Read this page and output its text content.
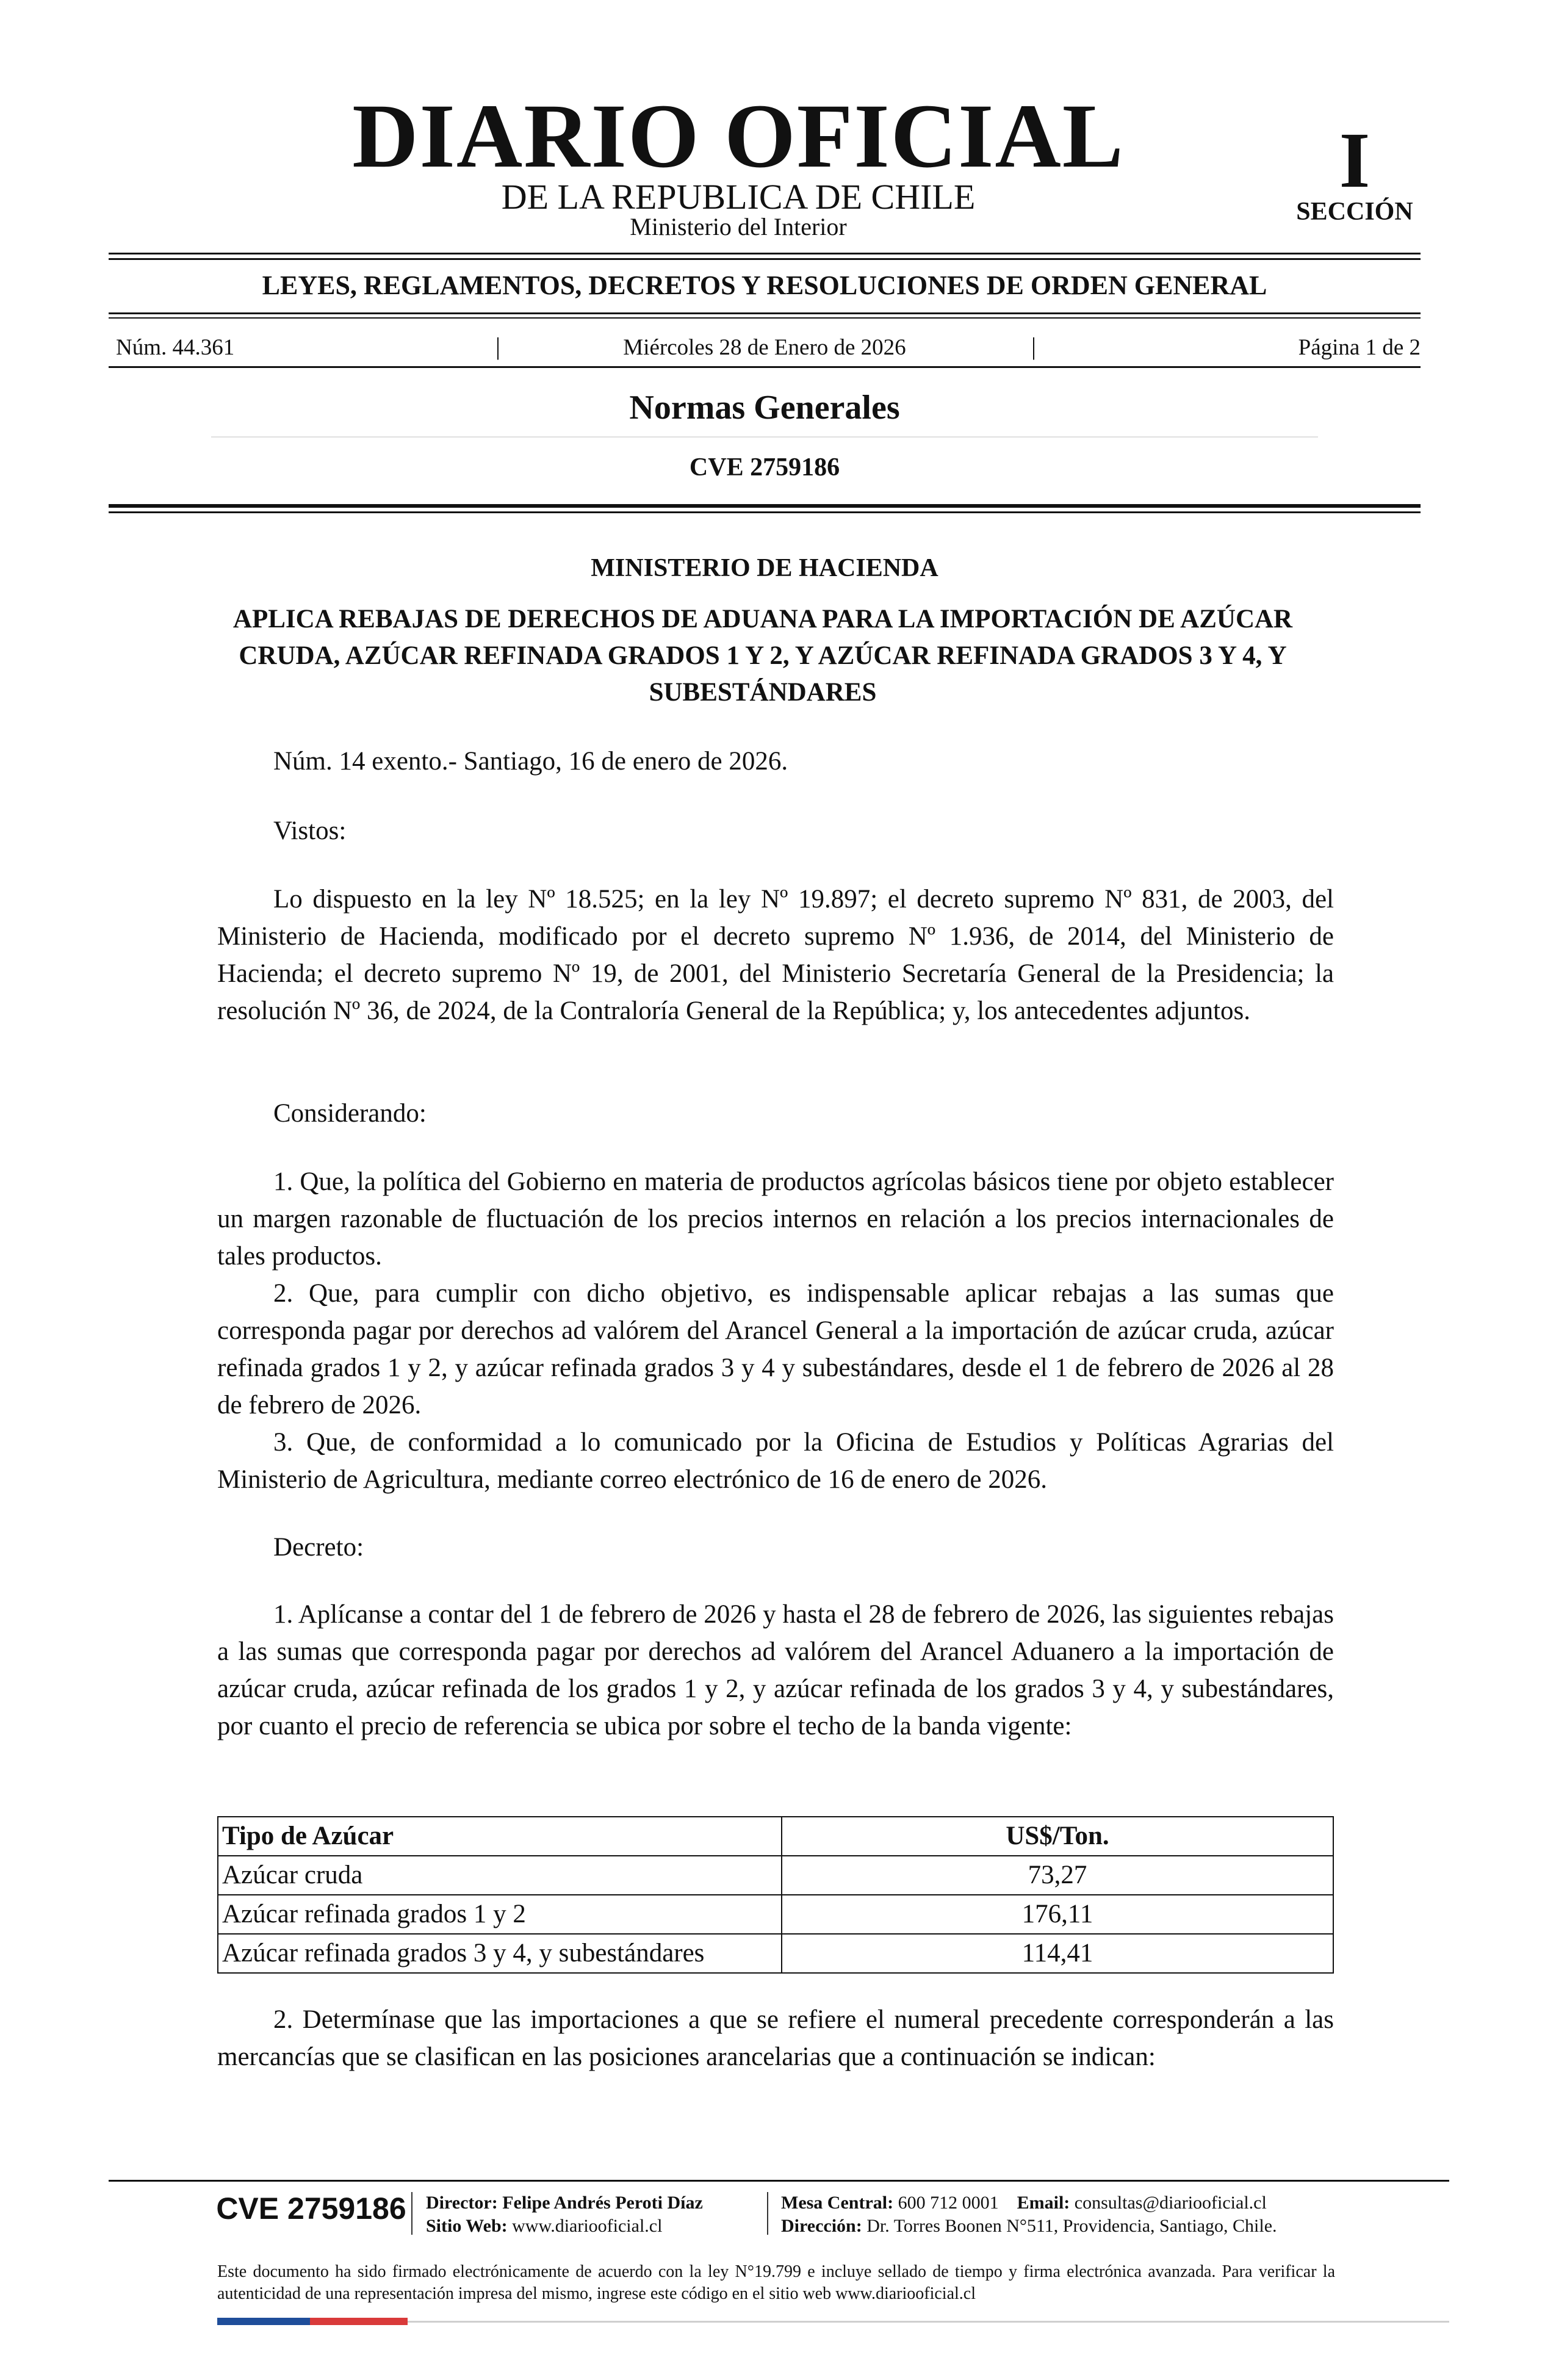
DIARIO OFICIAL
DE LA REPUBLICA DE CHILE
Ministerio del Interior
I
SECCIÓN
LEYES, REGLAMENTOS, DECRETOS Y RESOLUCIONES DE ORDEN GENERAL
Núm. 44.361	|	Miércoles 28 de Enero de 2026	|	Página 1 de 2
Normas Generales
CVE 2759186
MINISTERIO DE HACIENDA
APLICA REBAJAS DE DERECHOS DE ADUANA PARA LA IMPORTACIÓN DE AZÚCAR CRUDA, AZÚCAR REFINADA GRADOS 1 Y 2, Y AZÚCAR REFINADA GRADOS 3 Y 4, Y SUBESTÁNDARES
Núm. 14 exento.- Santiago, 16 de enero de 2026.
Vistos:
Lo dispuesto en la ley Nº 18.525; en la ley Nº 19.897; el decreto supremo Nº 831, de 2003, del Ministerio de Hacienda, modificado por el decreto supremo Nº 1.936, de 2014, del Ministerio de Hacienda; el decreto supremo Nº 19, de 2001, del Ministerio Secretaría General de la Presidencia; la resolución Nº 36, de 2024, de la Contraloría General de la República; y, los antecedentes adjuntos.
Considerando:
1. Que, la política del Gobierno en materia de productos agrícolas básicos tiene por objeto establecer un margen razonable de fluctuación de los precios internos en relación a los precios internacionales de tales productos.
2. Que, para cumplir con dicho objetivo, es indispensable aplicar rebajas a las sumas que corresponda pagar por derechos ad valórem del Arancel General a la importación de azúcar cruda, azúcar refinada grados 1 y 2, y azúcar refinada grados 3 y 4 y subestándares, desde el 1 de febrero de 2026 al 28 de febrero de 2026.
3. Que, de conformidad a lo comunicado por la Oficina de Estudios y Políticas Agrarias del Ministerio de Agricultura, mediante correo electrónico de 16 de enero de 2026.
Decreto:
1. Aplícanse a contar del 1 de febrero de 2026 y hasta el 28 de febrero de 2026, las siguientes rebajas a las sumas que corresponda pagar por derechos ad valórem del Arancel Aduanero a la importación de azúcar cruda, azúcar refinada de los grados 1 y 2, y azúcar refinada de los grados 3 y 4, y subestándares, por cuanto el precio de referencia se ubica por sobre el techo de la banda vigente:
Tipo de Azúcar	US$/Ton.
Azúcar cruda	73,27
Azúcar refinada grados 1 y 2	176,11
Azúcar refinada grados 3 y 4, y subestándares	114,41
2. Determínase que las importaciones a que se refiere el numeral precedente corresponderán a las mercancías que se clasifican en las posiciones arancelarias que a continuación se indican:
CVE 2759186	Director: Felipe Andrés Peroti Díaz
Sitio Web: www.diariooficial.cl
Mesa Central: 600 712 0001 Email: consultas@diariooficial.cl
Dirección: Dr. Torres Boonen N°511, Providencia, Santiago, Chile.
Este documento ha sido firmado electrónicamente de acuerdo con la ley N°19.799 e incluye sellado de tiempo y firma electrónica avanzada. Para verificar la autenticidad de una representación impresa del mismo, ingrese este código en el sitio web www.diariooficial.cl
